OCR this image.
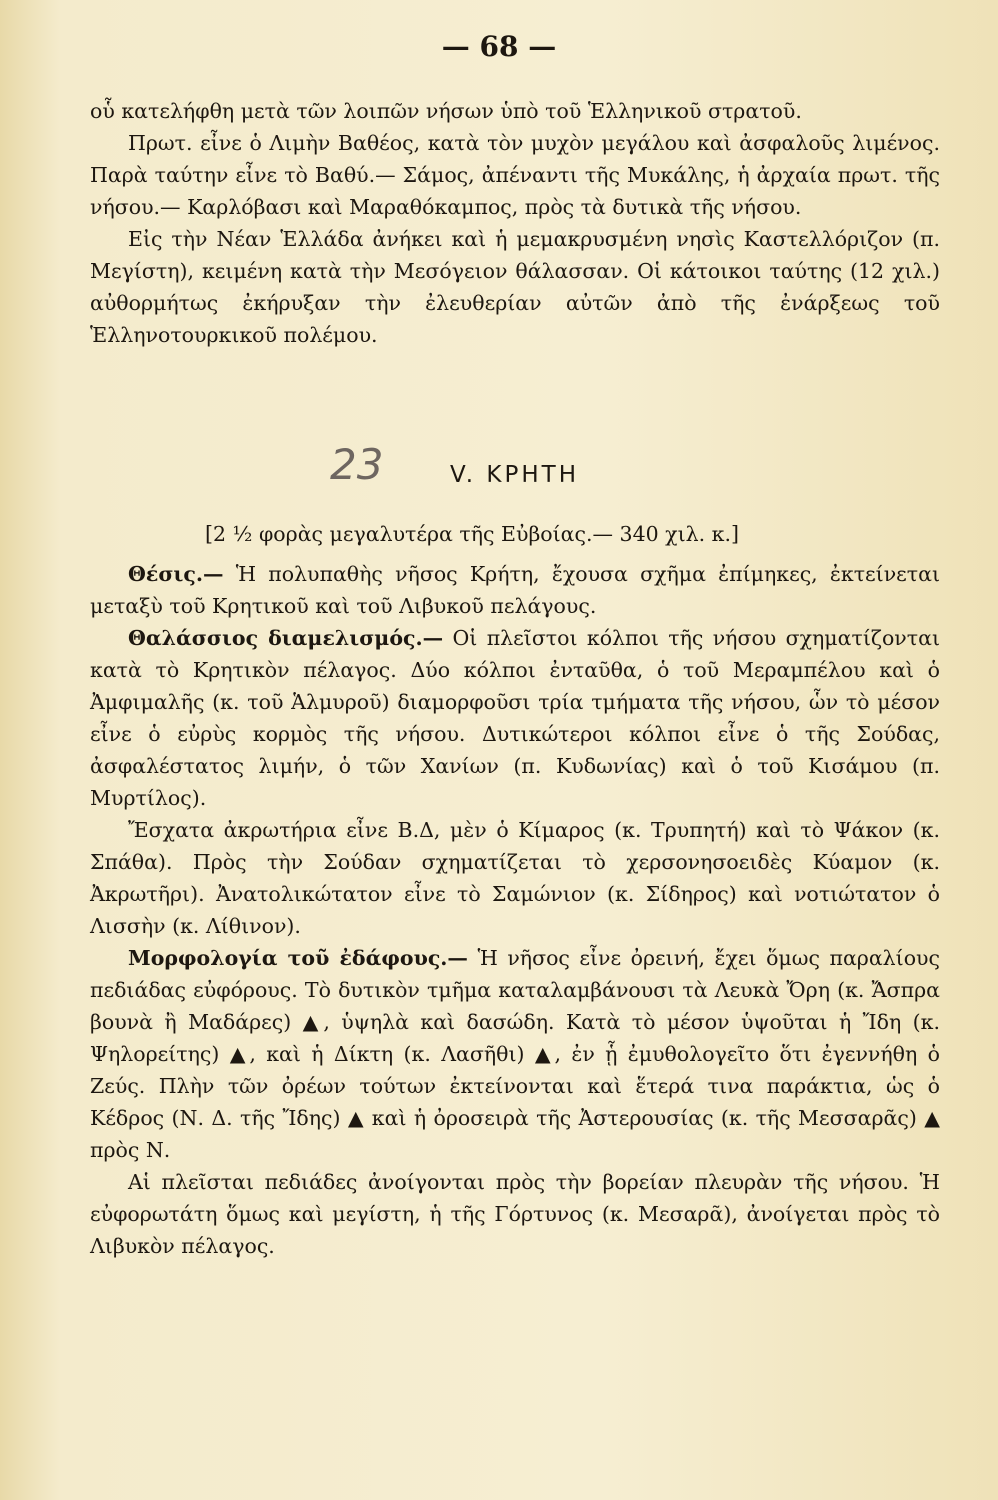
— 68 —

οὗ κατελήφθη μετὰ τῶν λοιπῶν νήσων ὑπὸ τοῦ Ἑλληνικοῦ στρατοῦ.

Πρωτ. εἶνε ὁ Λιμὴν Βαθέος, κατὰ τὸν μυχὸν μεγάλου καὶ ἀσφαλοῦς λιμένος. Παρὰ ταύτην εἶνε τὸ Βαθύ.— Σάμος, ἀπέναντι τῆς Μυκάλης, ἡ ἀρχαία πρωτ. τῆς νήσου.— Καρλόβασι καὶ Μαραθόκαμπος, πρὸς τὰ δυτικὰ τῆς νήσου.

Εἰς τὴν Νέαν Ἑλλάδα ἀνήκει καὶ ἡ μεμακρυσμένη νησὶς Καστελλόριζον (π. Μεγίστη), κειμένη κατὰ τὴν Μεσόγειον θάλασσαν. Οἱ κάτοικοι ταύτης (12 χιλ.) αὐθορμήτως ἐκήρυξαν τὴν ἐλευθερίαν αὐτῶν ἀπὸ τῆς ἐνάρξεως τοῦ Ἑλληνοτουρκικοῦ πολέμου.

23	V. ΚΡΗΤΗ
[2 ½ φορὰς μεγαλυτέρα τῆς Εὐβοίας.— 340 χιλ. κ.]

Θέσις.— Ἡ πολυπαθὴς νῆσος Κρήτη, ἔχουσα σχῆμα ἐπίμηκες, ἐκτείνεται μεταξὺ τοῦ Κρητικοῦ καὶ τοῦ Λιβυκοῦ πελάγους.

Θαλάσσιος διαμελισμός.— Οἱ πλεῖστοι κόλποι τῆς νήσου σχηματίζονται κατὰ τὸ Κρητικὸν πέλαγος. Δύο κόλποι ἐνταῦθα, ὁ τοῦ Μεραμπέλου καὶ ὁ Ἀμφιμαλῆς (κ. τοῦ Ἁλμυροῦ) διαμορφοῦσι τρία τμήματα τῆς νήσου, ὧν τὸ μέσον εἶνε ὁ εὐρὺς κορμὸς τῆς νήσου. Δυτικώτεροι κόλποι εἶνε ὁ τῆς Σούδας, ἀσφαλέστατος λιμήν, ὁ τῶν Χανίων (π. Κυδωνίας) καὶ ὁ τοῦ Κισάμου (π. Μυρτίλος).

Ἔσχατα ἀκρωτήρια εἶνε Β.Δ, μὲν ὁ Κίμαρος (κ. Τρυπητή) καὶ τὸ Ψάκον (κ. Σπάθα). Πρὸς τὴν Σούδαν σχηματίζεται τὸ χερσονησοειδὲς Κύαμον (κ. Ἀκρωτῆρι). Ἀνατολικώτατον εἶνε τὸ Σαμώνιον (κ. Σίδηρος) καὶ νοτιώτατον ὁ Λισσὴν (κ. Λίθινον).

Μορφολογία τοῦ ἐδάφους.— Ἡ νῆσος εἶνε ὀρεινή, ἔχει ὅμως παραλίους πεδιάδας εὐφόρους. Τὸ δυτικὸν τμῆμα καταλαμβάνουσι τὰ Λευκὰ Ὄρη (κ. Ἄσπρα βουνὰ ἢ Μαδάρες) ▲, ὑψηλὰ καὶ δασώδη. Κατὰ τὸ μέσον ὑψοῦται ἡ Ἴδη (κ. Ψηλορείτης) ▲, καὶ ἡ Δίκτη (κ. Λασῆθι) ▲, ἐν ᾗ ἐμυθολογεῖτο ὅτι ἐγεννήθη ὁ Ζεύς. Πλὴν τῶν ὀρέων τούτων ἐκτείνονται καὶ ἕτερά τινα παράκτια, ὡς ὁ Κέδρος (Ν. Δ. τῆς Ἴδης) ▲ καὶ ἡ ὀροσειρὰ τῆς Ἀστερουσίας (κ. τῆς Μεσσαρᾶς) ▲ πρὸς Ν.

Αἱ πλεῖσται πεδιάδες ἀνοίγονται πρὸς τὴν βορείαν πλευρὰν τῆς νήσου. Ἡ εὐφορωτάτη ὅμως καὶ μεγίστη, ἡ τῆς Γόρτυνος (κ. Μεσαρᾶ), ἀνοίγεται πρὸς τὸ Λιβυκὸν πέλαγος.
